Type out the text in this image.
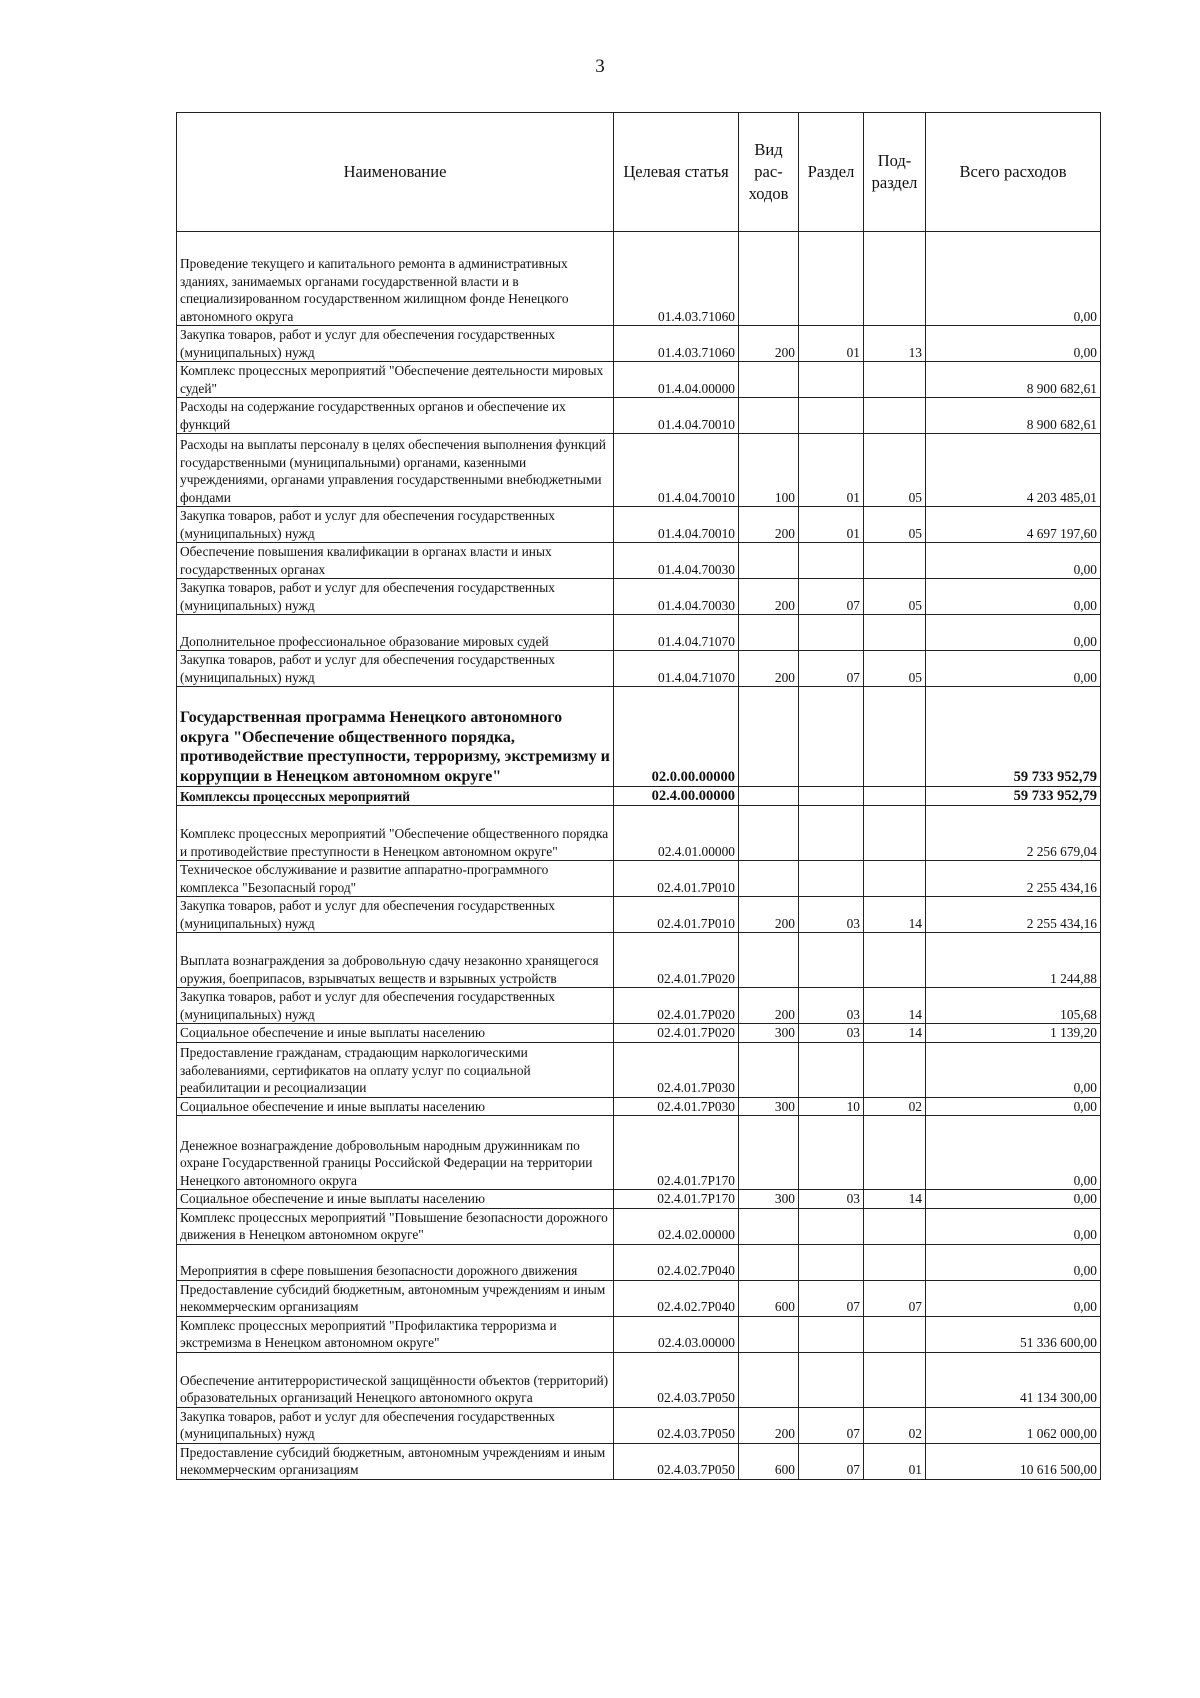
3
Наименование	Целевая статья	Вид рас-ходов	Раздел	Под-раздел	Всего расходов
Проведение текущего и капитального ремонта в административных зданиях, занимаемых органами государственной власти и в специализированном государственном жилищном фонде Ненецкого автономного округа	01.4.03.71060				0,00
Закупка товаров, работ и услуг для обеспечения государственных (муниципальных) нужд	01.4.03.71060	200	01	13	0,00
Комплекс процессных мероприятий "Обеспечение деятельности мировых судей"	01.4.04.00000				8 900 682,61
Расходы на содержание государственных органов и обеспечение их функций	01.4.04.70010				8 900 682,61
Расходы на выплаты персоналу в целях обеспечения выполнения функций государственными (муниципальными) органами, казенными учреждениями, органами управления государственными внебюджетными фондами	01.4.04.70010	100	01	05	4 203 485,01
Закупка товаров, работ и услуг для обеспечения государственных (муниципальных) нужд	01.4.04.70010	200	01	05	4 697 197,60
Обеспечение повышения квалификации в органах власти и иных государственных органах	01.4.04.70030				0,00
Закупка товаров, работ и услуг для обеспечения государственных (муниципальных) нужд	01.4.04.70030	200	07	05	0,00
Дополнительное профессиональное образование мировых судей	01.4.04.71070				0,00
Закупка товаров, работ и услуг для обеспечения государственных (муниципальных) нужд	01.4.04.71070	200	07	05	0,00
Государственная программа Ненецкого автономного округа "Обеспечение общественного порядка, противодействие преступности, терроризму, экстремизму и коррупции в Ненецком автономном округе"	02.0.00.00000				59 733 952,79
Комплексы процессных мероприятий	02.4.00.00000				59 733 952,79
Комплекс процессных мероприятий "Обеспечение общественного порядка и противодействие преступности в Ненецком автономном округе"	02.4.01.00000				2 256 679,04
Техническое обслуживание и развитие аппаратно-программного комплекса "Безопасный город"	02.4.01.7Р010				2 255 434,16
Закупка товаров, работ и услуг для обеспечения государственных (муниципальных) нужд	02.4.01.7Р010	200	03	14	2 255 434,16
Выплата вознаграждения за добровольную сдачу незаконно хранящегося оружия, боеприпасов, взрывчатых веществ и взрывных устройств	02.4.01.7Р020				1 244,88
Закупка товаров, работ и услуг для обеспечения государственных (муниципальных) нужд	02.4.01.7Р020	200	03	14	105,68
Социальное обеспечение и иные выплаты населению	02.4.01.7Р020	300	03	14	1 139,20
Предоставление гражданам, страдающим наркологическими заболеваниями, сертификатов на оплату услуг по социальной реабилитации и ресоциализации	02.4.01.7Р030				0,00
Социальное обеспечение и иные выплаты населению	02.4.01.7Р030	300	10	02	0,00
Денежное вознаграждение добровольным народным дружинникам по охране Государственной границы Российской Федерации на территории Ненецкого автономного округа	02.4.01.7Р170				0,00
Социальное обеспечение и иные выплаты населению	02.4.01.7Р170	300	03	14	0,00
Комплекс процессных мероприятий "Повышение безопасности дорожного движения в Ненецком автономном округе"	02.4.02.00000				0,00
Мероприятия в сфере повышения безопасности дорожного движения	02.4.02.7Р040				0,00
Предоставление субсидий бюджетным, автономным учреждениям и иным некоммерческим организациям	02.4.02.7Р040	600	07	07	0,00
Комплекс процессных мероприятий "Профилактика терроризма и экстремизма в Ненецком автономном округе"	02.4.03.00000				51 336 600,00
Обеспечение антитеррористической защищённости объектов (территорий) образовательных организаций Ненецкого автономного округа	02.4.03.7Р050				41 134 300,00
Закупка товаров, работ и услуг для обеспечения государственных (муниципальных) нужд	02.4.03.7Р050	200	07	02	1 062 000,00
Предоставление субсидий бюджетным, автономным учреждениям и иным некоммерческим организациям	02.4.03.7Р050	600	07	01	10 616 500,00
